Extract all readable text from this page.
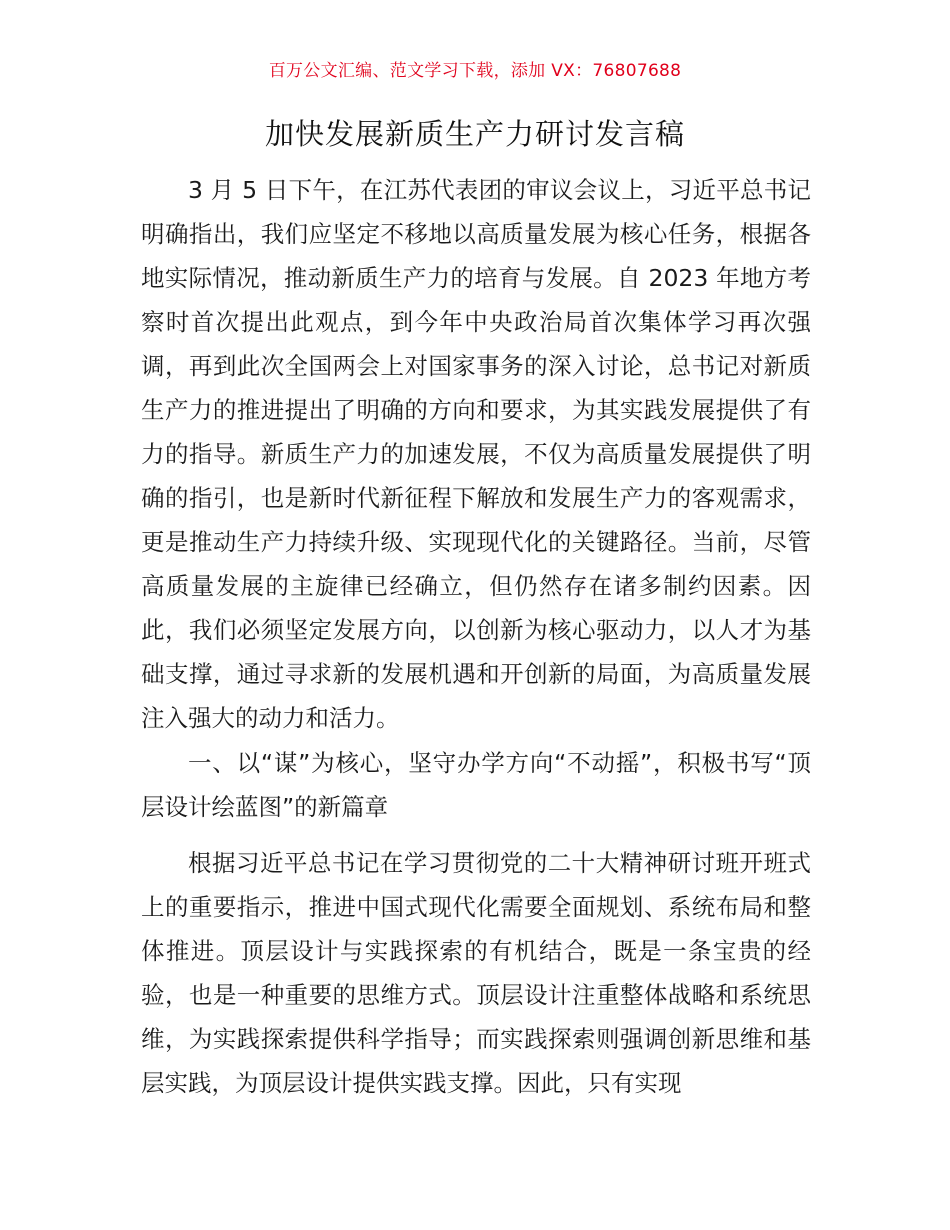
百万公文汇编、范文学习下载，添加 VX：76807688
加快发展新质生产力研讨发言稿

3 月 5 日下午，在江苏代表团的审议会议上，习近平总书记明确指出，我们应坚定不移地以高质量发展为核心任务，根据各地实际情况，推动新质生产力的培育与发展。自 2023 年地方考察时首次提出此观点，到今年中央政治局首次集体学习再次强调，再到此次全国两会上对国家事务的深入讨论，总书记对新质生产力的推进提出了明确的方向和要求，为其实践发展提供了有力的指导。新质生产力的加速发展，不仅为高质量发展提供了明确的指引，也是新时代新征程下解放和发展生产力的客观需求，更是推动生产力持续升级、实现现代化的关键路径。当前，尽管高质量发展的主旋律已经确立，但仍然存在诸多制约因素。因此，我们必须坚定发展方向，以创新为核心驱动力，以人才为基础支撑，通过寻求新的发展机遇和开创新的局面，为高质量发展注入强大的动力和活力。

一、以“谋”为核心，坚守办学方向“不动摇”，积极书写“顶层设计绘蓝图”的新篇章

根据习近平总书记在学习贯彻党的二十大精神研讨班开班式上的重要指示，推进中国式现代化需要全面规划、系统布局和整体推进。顶层设计与实践探索的有机结合，既是一条宝贵的经验，也是一种重要的思维方式。顶层设计注重整体战略和系统思维，为实践探索提供科学指导；而实践探索则强调创新思维和基层实践，为顶层设计提供实践支撑。因此，只有实现
